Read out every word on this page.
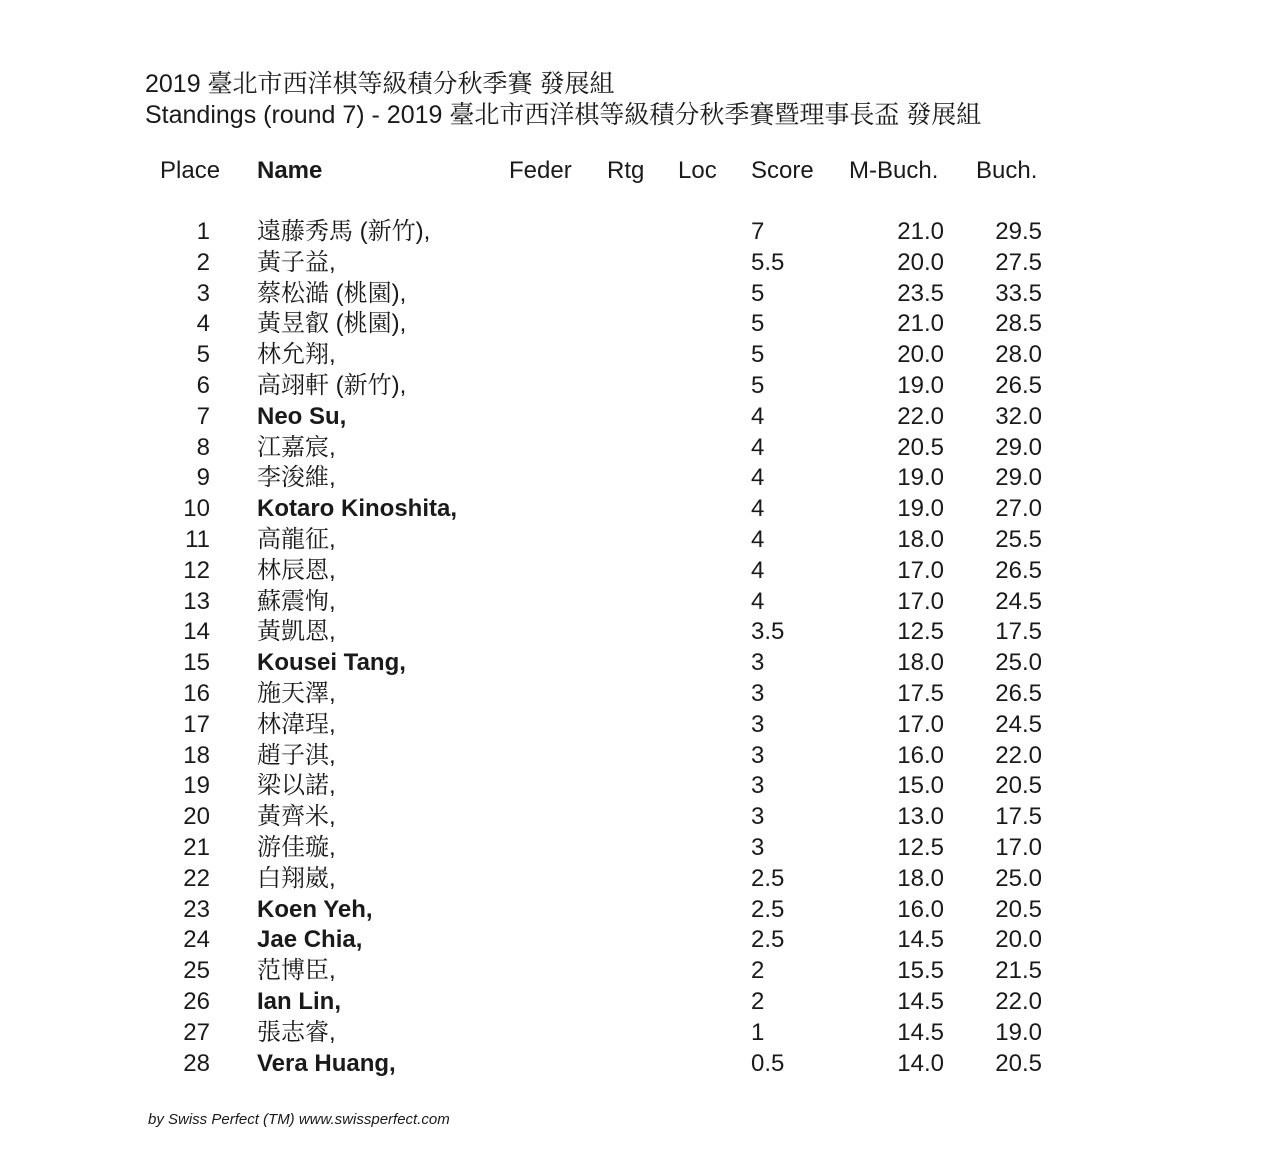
2019 臺北市西洋棋等級積分秋季賽 發展組
Standings (round 7) - 2019 臺北市西洋棋等級積分秋季賽暨理事長盃 發展組
Place Name	Feder Rtg Loc Score M-Buch. Buch.
1 遠藤秀馬 (新竹),	7	21.0	29.5
2 黃子益,	5.5	20.0	27.5
3 蔡松澔 (桃園),	5	23.5	33.5
4 黃昱叡 (桃園),	5	21.0	28.5
5 林允翔,	5	20.0	28.0
6 高翊軒 (新竹),	5	19.0	26.5
7 Neo Su,	4	22.0	32.0
8 江嘉宸,	4	20.5	29.0
9 李浚維,	4	19.0	29.0
10 Kotaro Kinoshita,	4	19.0	27.0
11 高龍征,	4	18.0	25.5
12 林辰恩,	4	17.0	26.5
13 蘇震恂,	4	17.0	24.5
14 黃凱恩,	3.5	12.5	17.5
15 Kousei Tang,	3	18.0	25.0
16 施天澤,	3	17.5	26.5
17 林湋珵,	3	17.0	24.5
18 趙子淇,	3	16.0	22.0
19 梁以諾,	3	15.0	20.5
20 黃齊米,	3	13.0	17.5
21 游佳璇,	3	12.5	17.0
22 白翔崴,	2.5	18.0	25.0
23 Koen Yeh,	2.5	16.0	20.5
24 Jae Chia,	2.5	14.5	20.0
25 范博臣,	2	15.5	21.5
26 Ian Lin,	2	14.5	22.0
27 張志睿,	1	14.5	19.0
28 Vera Huang,	0.5	14.0	20.5
by Swiss Perfect (TM) www.swissperfect.com
